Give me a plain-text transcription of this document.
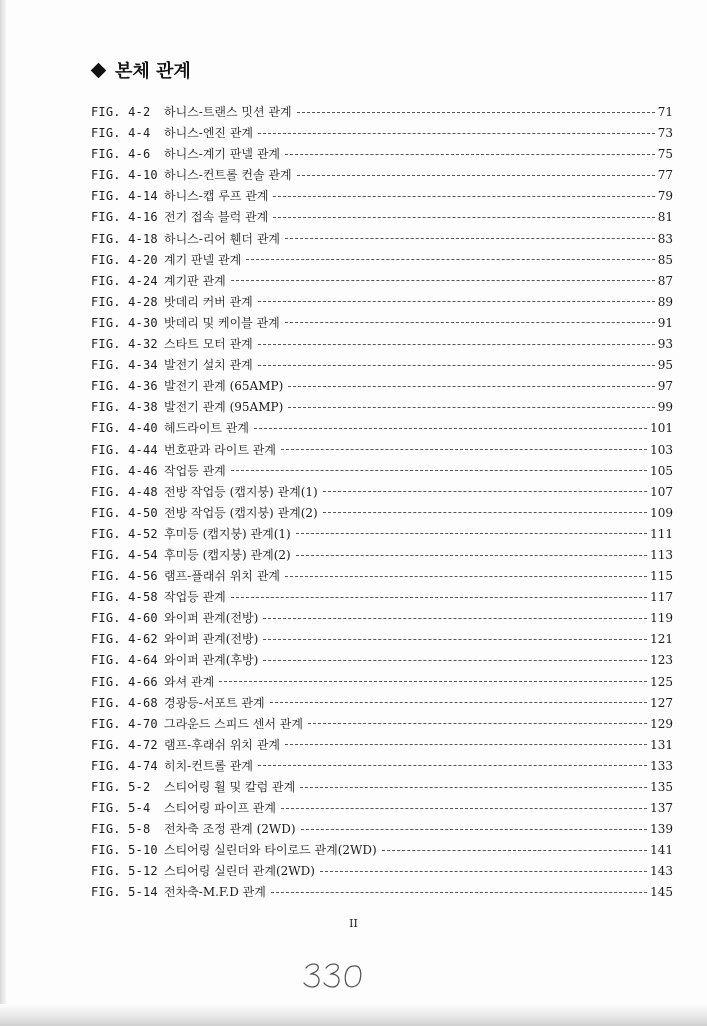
본체 관계
FIG. 4-2	하니스-트랜스 밋션 관계	71
FIG. 4-4	하니스-엔진 관계	73
FIG. 4-6	하니스-계기 판넬 관계	75
FIG. 4-10 하니스-컨트롤 컨솔 관계	77
FIG. 4-14 하니스-캡 루프 관계	79
FIG. 4-16 전기 접속 블럭 관계	81
FIG. 4-18 하니스-리어 휀더 관계	83
FIG. 4-20 계기 판넬 관계	85
FIG. 4-24 계기판 관계	87
FIG. 4-28 밧데리 커버 관계	89
FIG. 4-30 밧데리 및 케이블 관계	91
FIG. 4-32 스타트 모터 관계	93
FIG. 4-34 발전기 설치 관계	95
FIG. 4-36 발전기 관계 (65AMP)	97
FIG. 4-38 발전기 관계 (95AMP)	99
FIG. 4-40 헤드라이트 관계	101
FIG. 4-44 번호판과 라이트 관계	103
FIG. 4-46 작업등 관계	105
FIG. 4-48 전방 작업등 (캡지붕) 관계(1)	107
FIG. 4-50 전방 작업등 (캡지붕) 관계(2)	109
FIG. 4-52 후미등 (캡지붕) 관계(1)	111
FIG. 4-54 후미등 (캡지붕) 관계(2)	113
FIG. 4-56 램프-플래쉬 위치 관계	115
FIG. 4-58 작업등 관계	117
FIG. 4-60 와이퍼 관계(전방)	119
FIG. 4-62 와이퍼 관계(전방)	121
FIG. 4-64 와이퍼 관계(후방)	123
FIG. 4-66 와셔 관계	125
FIG. 4-68 경광등-서포트 관계	127
FIG. 4-70 그라운드 스피드 센서 관계	129
FIG. 4-72 램프-후래쉬 위치 관계	131
FIG. 4-74 히치-컨트롤 관계	133
FIG. 5-2	스티어링 휠 및 칼럼 관계	135
FIG. 5-4	스티어링 파이프 관계	137
FIG. 5-8	전차축 조정 관계 (2WD)	139
FIG. 5-10 스티어링 실린더와 타이로드 관계(2WD)	141
FIG. 5-12 스티어링 실린더 관계(2WD)	143
FIG. 5-14 전차축-M.F.D 관계	145
II
